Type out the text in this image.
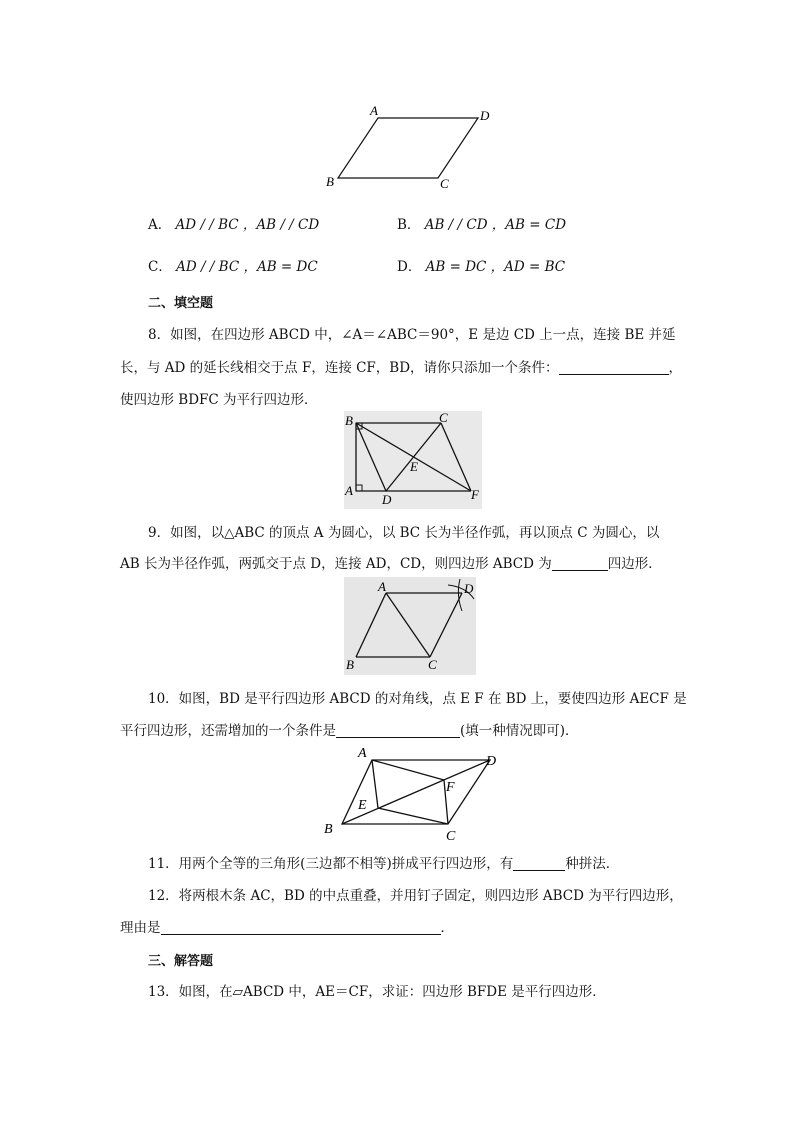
A	D
B	C
A． AD / / BC ，AB / / CD	B． AB / / CD ，AB = CD
C． AD / / BC ，AB = DC	D． AB = DC ，AD = BC
二、填空题
8．如图，在四边形 ABCD 中，∠A＝∠ABC＝90°，E 是边 CD 上一点，连接 BE 并延
长，与 AD 的延长线相交于点 F，连接 CF，BD，请你只添加一个条件：	，
使四边形 BDFC 为平行四边形．
B	C
E
A
D	F
9．如图，以△ABC 的顶点 A 为圆心，以 BC 长为半径作弧，再以顶点 C 为圆心，以
AB 长为半径作弧，两弧交于点 D，连接 AD，CD，则四边形 ABCD 为	四边形．
A	D
B	C
10．如图，BD 是平行四边形 ABCD 的对角线，点 E F 在 BD 上，要使四边形 AECF 是
平行四边形，还需增加的一个条件是	(填一种情况即可)．
A
D
F
E
B	C
11．用两个全等的三角形(三边都不相等)拼成平行四边形，有	种拼法．
12．将两根木条 AC，BD 的中点重叠，并用钉子固定，则四边形 ABCD 为平行四边形，
理由是	．
三、解答题
13．如图，在▱ABCD 中，AE＝CF，求证：四边形 BFDE 是平行四边形．
